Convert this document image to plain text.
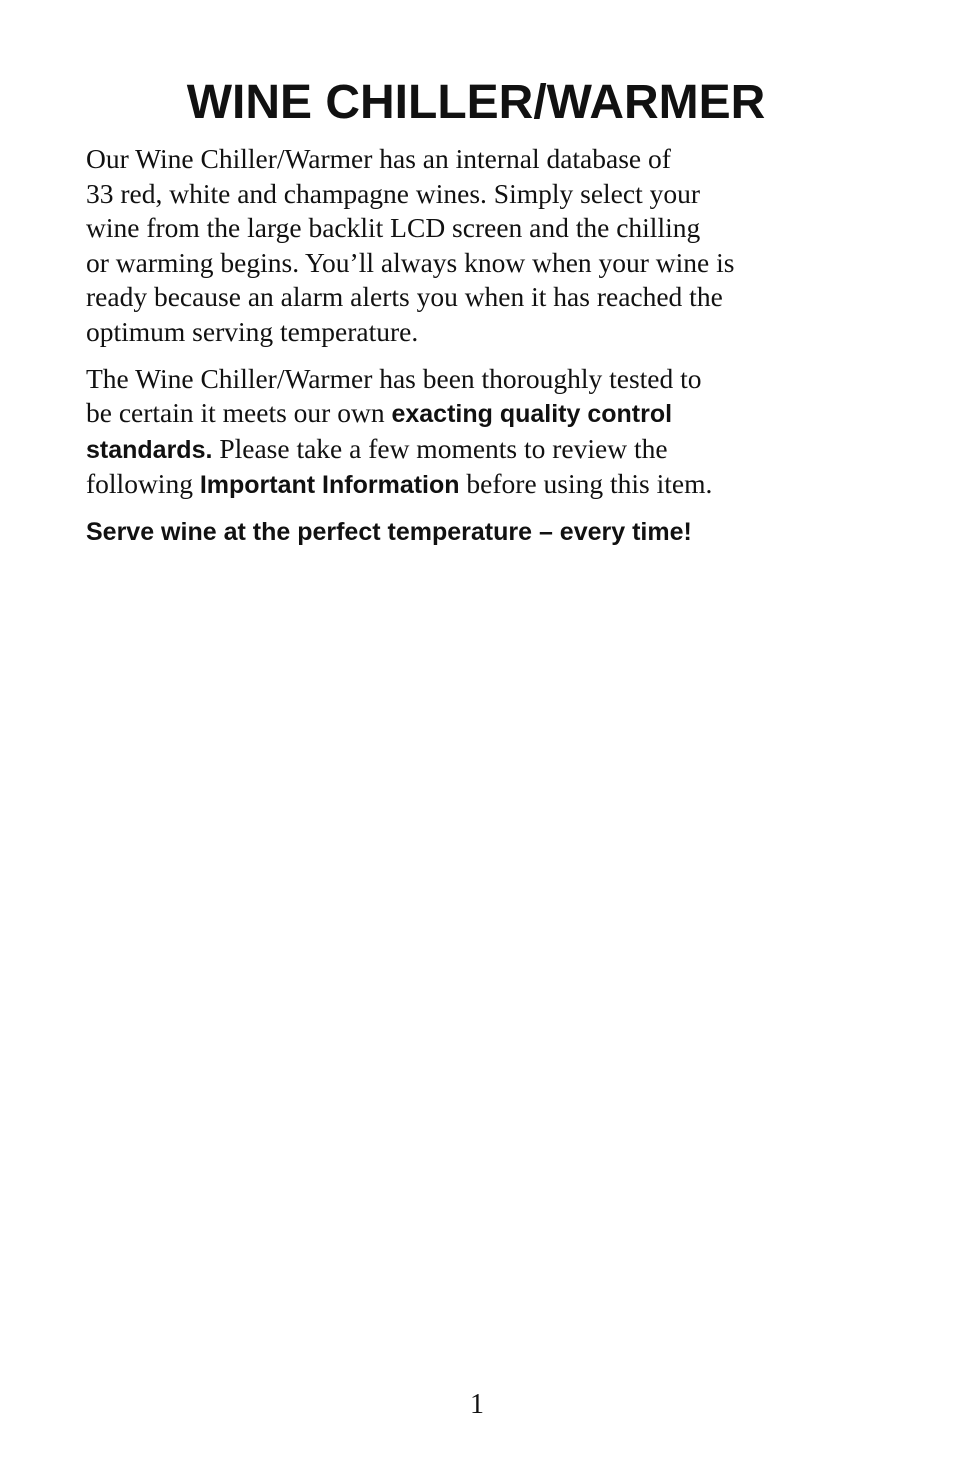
WINE CHILLER/WARMER
Our Wine Chiller/Warmer has an internal database of
33 red, white and champagne wines. Simply select your
wine from the large backlit LCD screen and the chilling
or warming begins. You’ll always know when your wine is
ready because an alarm alerts you when it has reached the
optimum serving temperature.
The Wine Chiller/Warmer has been thoroughly tested to
be certain it meets our own exacting quality control
standards. Please take a few moments to review the
following Important Information before using this item.

Serve wine at the perfect temperature – every time!

1
